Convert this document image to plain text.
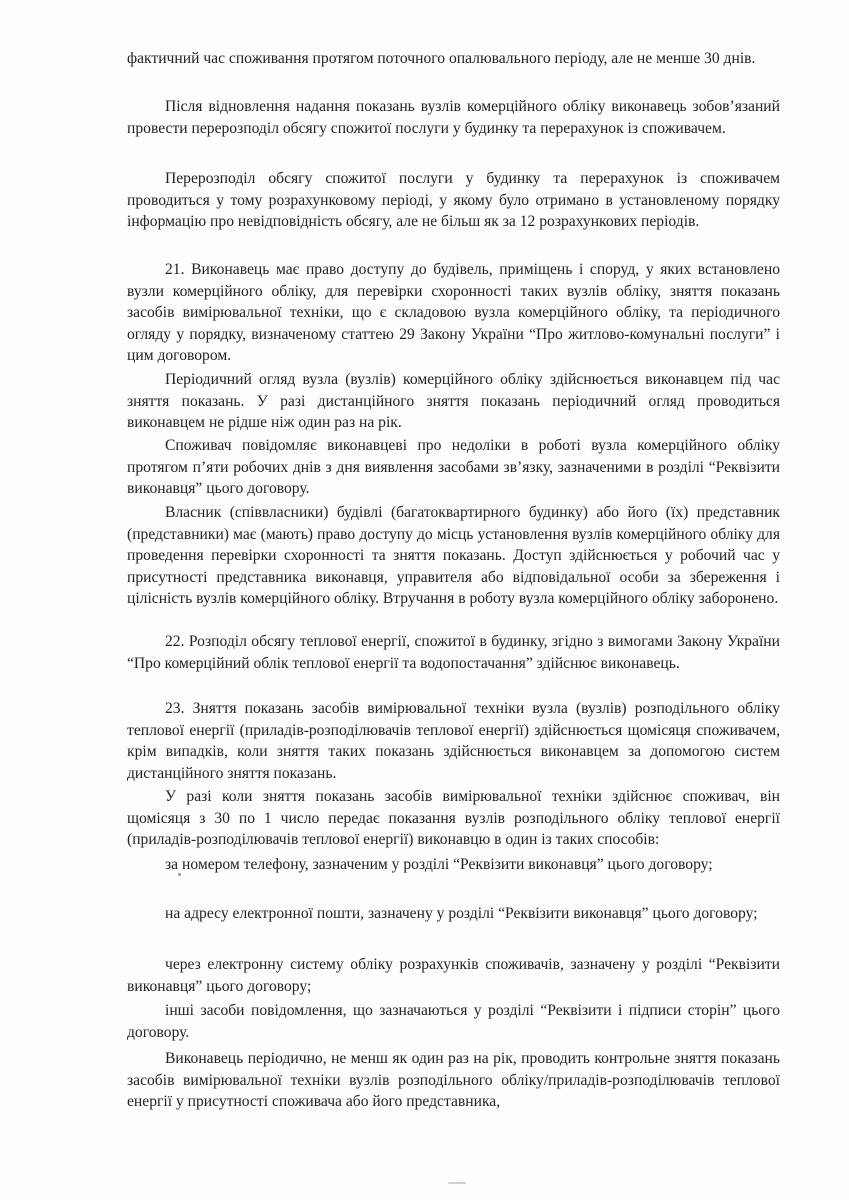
фактичний час споживання протягом поточного опалювального періоду, але не менше 30 днів.

Після відновлення надання показань вузлів комерційного обліку виконавець зобов’язаний провести перерозподіл обсягу спожитої послуги у будинку та перерахунок із споживачем.

Перерозподіл обсягу спожитої послуги у будинку та перерахунок із споживачем проводиться у тому розрахунковому періоді, у якому було отримано в установленому порядку інформацію про невідповідність обсягу, але не більш як за 12 розрахункових періодів.

21. Виконавець має право доступу до будівель, приміщень і споруд, у яких встановлено вузли комерційного обліку, для перевірки схоронності таких вузлів обліку, зняття показань засобів вимірювальної техніки, що є складовою вузла комерційного обліку, та періодичного огляду у порядку, визначеному статтею 29 Закону України “Про житлово-комунальні послуги” і цим договором.

Періодичний огляд вузла (вузлів) комерційного обліку здійснюється виконавцем під час зняття показань. У разі дистанційного зняття показань періодичний огляд проводиться виконавцем не рідше ніж один раз на рік.

Споживач повідомляє виконавцеві про недоліки в роботі вузла комерційного обліку протягом п’яти робочих днів з дня виявлення засобами зв’язку, зазначеними в розділі “Реквізити виконавця” цього договору.

Власник (співвласники) будівлі (багатоквартирного будинку) або його (їх) представник (представники) має (мають) право доступу до місць установлення вузлів комерційного обліку для проведення перевірки схоронності та зняття показань. Доступ здійснюється у робочий час у присутності представника виконавця, управителя або відповідальної особи за збереження і цілісність вузлів комерційного обліку. Втручання в роботу вузла комерційного обліку заборонено.

22. Розподіл обсягу теплової енергії, спожитої в будинку, згідно з вимогами Закону України “Про комерційний облік теплової енергії та водопостачання” здійснює виконавець.

23. Зняття показань засобів вимірювальної техніки вузла (вузлів) розподільного обліку теплової енергії (приладів-розподілювачів теплової енергії) здійснюється щомісяця споживачем, крім випадків, коли зняття таких показань здійснюється виконавцем за допомогою систем дистанційного зняття показань.

У разі коли зняття показань засобів вимірювальної техніки здійснює споживач, він щомісяця з 30 по 1 число передає показання вузлів розподільного обліку теплової енергії (приладів-розподілювачів теплової енергії) виконавцю в один із таких способів:

за номером телефону, зазначеним у розділі “Реквізити виконавця” цього договору;

на адресу електронної пошти, зазначену у розділі “Реквізити виконавця” цього договору;

через електронну систему обліку розрахунків споживачів, зазначену у розділі “Реквізити виконавця” цього договору;

інші засоби повідомлення, що зазначаються у розділі “Реквізити і підписи сторін” цього договору.

Виконавець періодично, не менш як один раз на рік, проводить контрольне зняття показань засобів вимірювальної техніки вузлів розподільного обліку/приладів-розподілювачів теплової енергії у присутності споживача або його представника,
